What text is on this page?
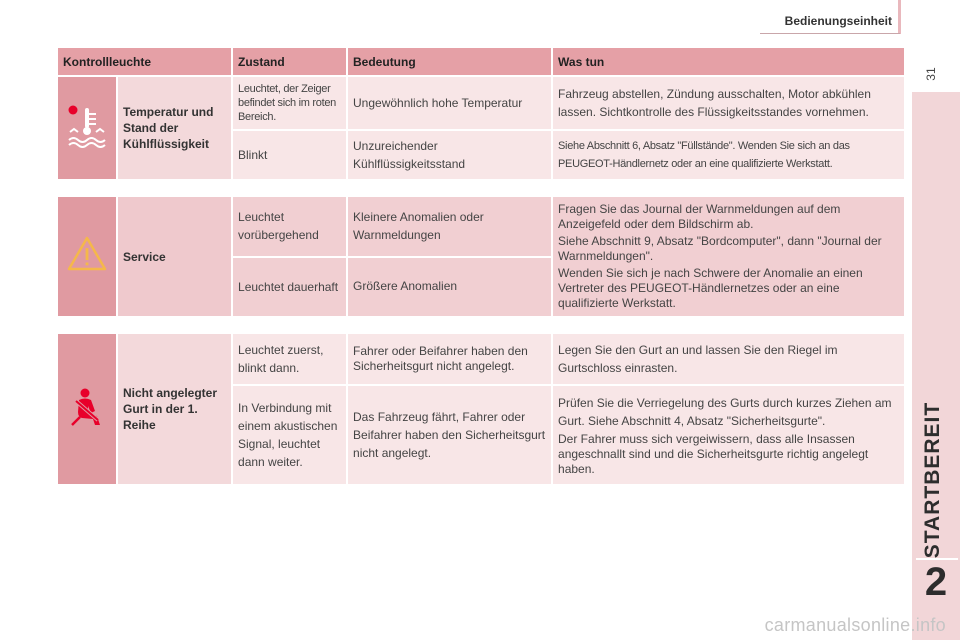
Bedienungseinheit
31
STARTBEREIT
2
Kontrollleuchte		Zustand	Bedeutung	Was tun
	Temperatur und Stand der Kühlflüssigkeit	Leuchtet, der Zeiger befindet sich im roten Bereich.	Ungewöhnlich hohe Temperatur	Fahrzeug abstellen, Zündung ausschalten, Motor abkühlen lassen. Sichtkontrolle des Flüssigkeitsstandes vornehmen.
		Blinkt	Unzureichender Kühlflüssigkeitsstand	Siehe Abschnitt 6, Absatz "Füllstände". Wenden Sie sich an das PEUGEOT-Händlernetz oder an eine qualifizierte Werkstatt.

	Service	Leuchtet vorübergehend	Kleinere Anomalien oder Warnmeldungen	Fragen Sie das Journal der Warnmeldungen auf dem Anzeigefeld oder dem Bildschirm ab.
Siehe Abschnitt 9, Absatz "Bordcomputer", dann "Journal der Warnmeldungen".
Wenden Sie sich je nach Schwere der Anomalie an einen Vertreter des PEUGEOT-Händlernetzes oder an eine qualifizierte Werkstatt.

		Leuchtet dauerhaft	Größere Anomalien	

	Nicht angelegter Gurt in der 1. Reihe	Leuchtet zuerst, blinkt dann.	Fahrer oder Beifahrer haben den Sicherheitsgurt nicht angelegt.	Legen Sie den Gurt an und lassen Sie den Riegel im Gurtschloss einrasten.
		In Verbindung mit einem akustischen Signal, leuchtet dann weiter.	Das Fahrzeug fährt, Fahrer oder Beifahrer haben den Sicherheitsgurt nicht angelegt.	Prüfen Sie die Verriegelung des Gurts durch kurzes Ziehen am Gurt. Siehe Abschnitt 4, Absatz "Sicherheitsgurte".
Der Fahrer muss sich vergeiwissern, dass alle Insassen angeschnallt sind und die Sicherheitsgurte richtig angelegt haben.
carmanualsonline.info
